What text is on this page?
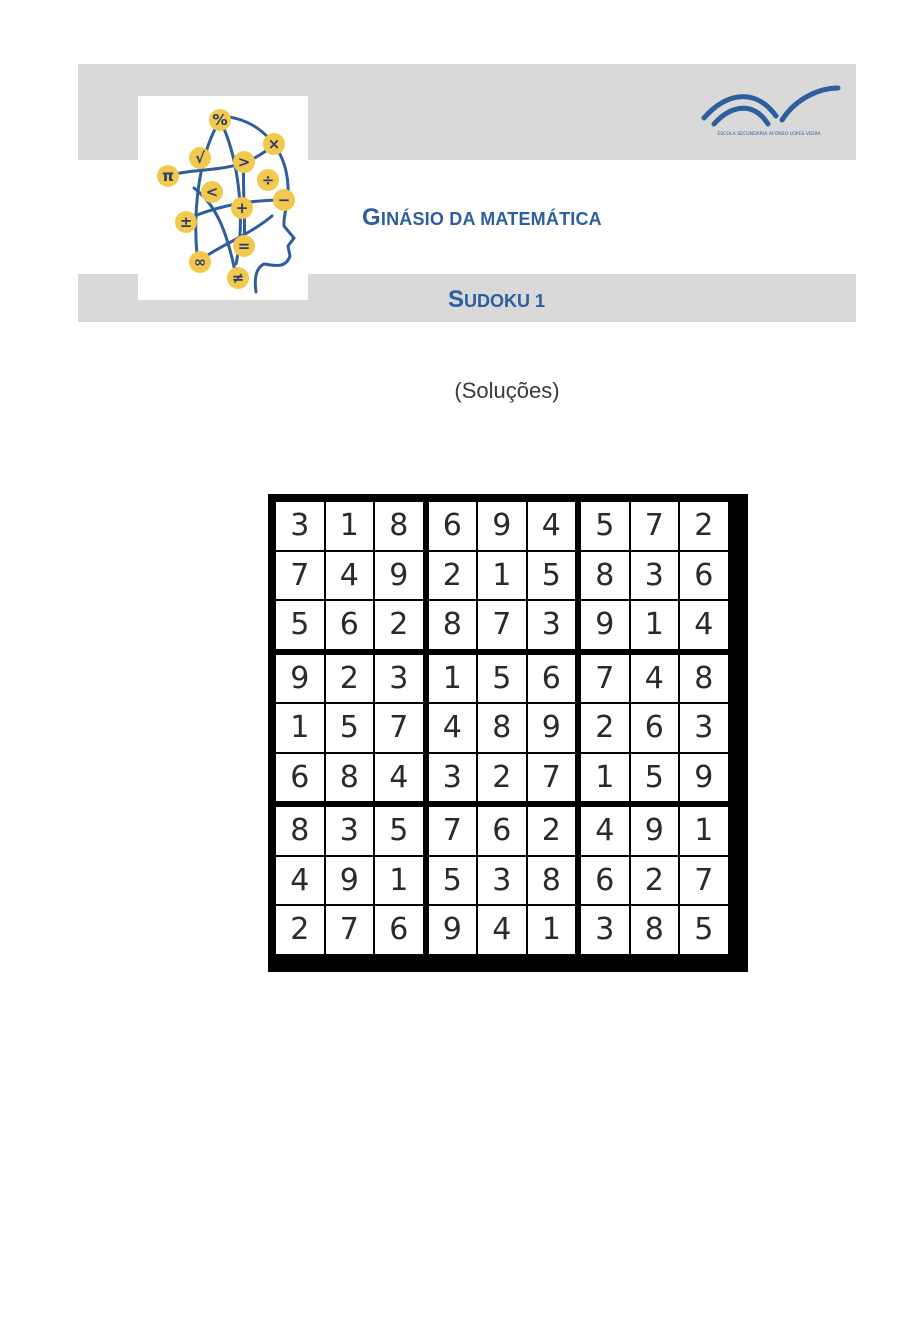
%
×
√ >
÷
π
<
+ −
±
=
∞
≠
ESCOLA SECUNDÁRIA AFONSO LOPES VIEIRA
GINÁSIO DA MATEMÁTICA
SUDOKU 1
(Soluções)
3	1	8	6	9	4	5	7	2
7	4	9	2	1	5	8	3	6
5	6	2	8	7	3	9	1	4
9	2	3	1	5	6	7	4	8
1	5	7	4	8	9	2	6	3
6	8	4	3	2	7	1	5	9
8	3	5	7	6	2	4	9	1
4	9	1	5	3	8	6	2	7
2	7	6	9	4	1	3	8	5
